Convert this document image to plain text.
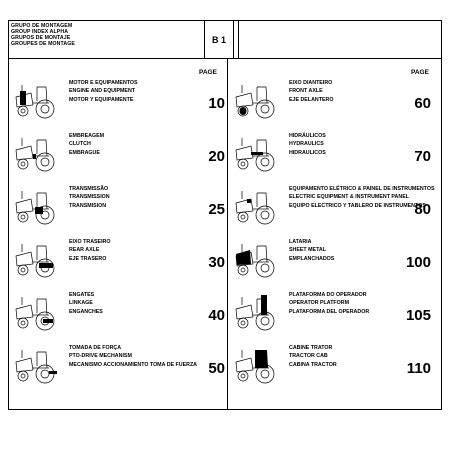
GRUPO DE MONTAGEM
GROUP INDEX ALPHA
GRUPOS DE MONTAJE
GROUPES DE MONTAGE	B 1
PAGE	PAGE
MOTOR E EQUIPAMENTOS
ENGINE AND EQUIPMENT
MOTOR Y EQUIPAMENTE	10
EMBREAGEM
CLUTCH
EMBRAGUE	20
TRANSMISSÃO
TRANSMISSION
TRANSMISION	25
EIXO TRASEIRO
REAR AXLE
EJE TRASERO	30
ENGATES
LINKAGE
ENGANCHES	40
TOMADA DE FORÇA
PTO-DRIVE MECHANISM
MECANISMO ACCIONAMIENTO TOMA DE FUERZA 50
EIXO DIANTEIRO
FRONT AXLE
EJE DELANTERO	60
HIDRÁULICOS
HYDRAULICS
HIDRAULICOS	70
EQUIPAMENTO ELÉTRICO & PAINEL DE INSTRUMENTOS
ELECTRIC EQUIPMENT & INSTRUMENT PANEL
EQUIPO ELECTRICO Y TABLERO DE INSTRUMENTOS
80
LATARIA
SHEET METAL
EMPLANCHADOS	100
PLATAFORMA DO OPERADOR
OPERATOR PLATFORM
PLATAFORMA DEL OPERADOR	105
CABINE TRATOR
TRACTOR CAB
CABINA TRACTOR	110
